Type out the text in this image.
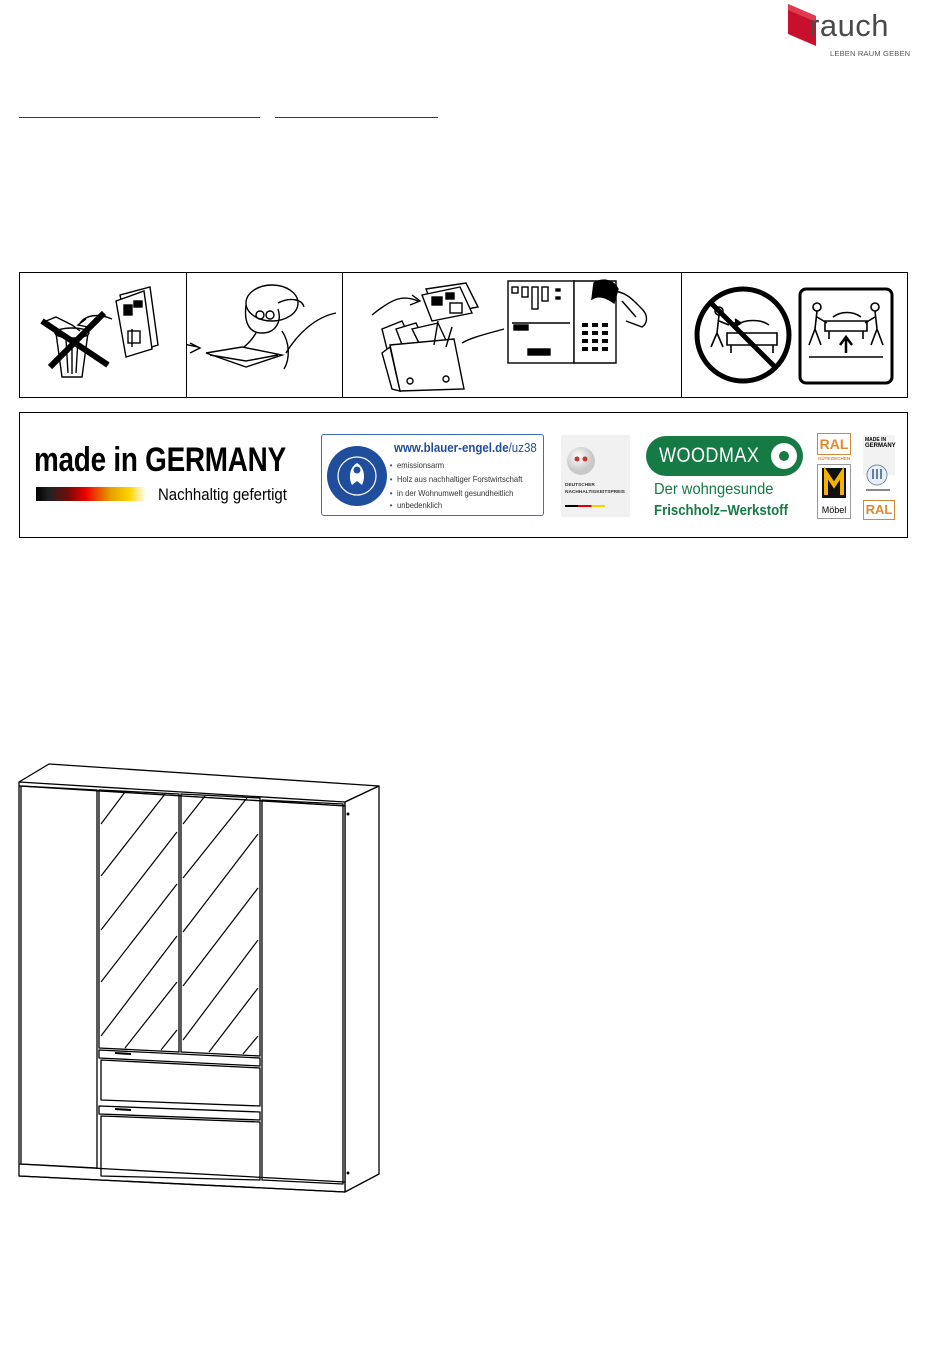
rauch
LEBEN RAUM GEBEN
made in GERMANY
Nachhaltig gefertigt
www.blauer-engel.de/uz38
• emissionsarm
• Holz aus nachhaltiger Forstwirtschaft
• in der Wohnumwelt gesundheitlich
• unbedenklich
DEUTSCHER
NACHHALTIGKEITSPREIS
WOODMAX
Der wohngesunde
Frischholz–Werkstoff
RAL
GÜTEZEICHEN
Möbel
MADE IN
GERMANY
RAL
